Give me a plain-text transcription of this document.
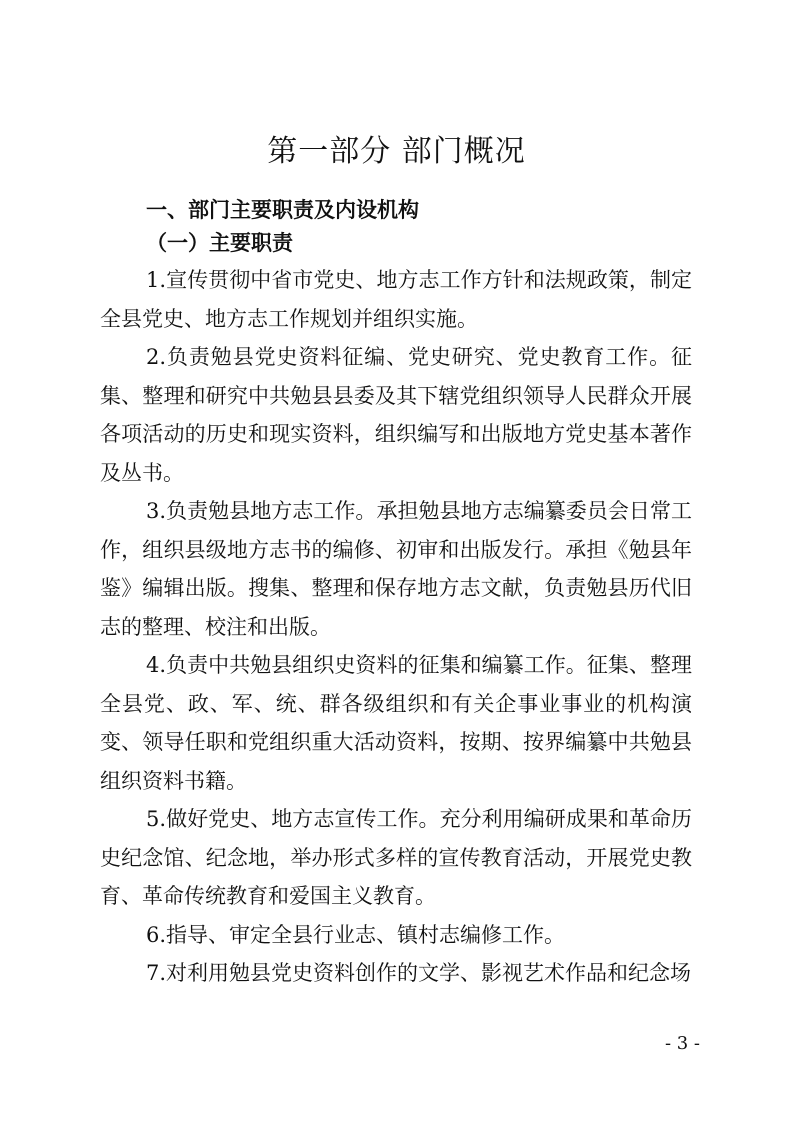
第一部分 部门概况
一、部门主要职责及内设机构
（一）主要职责

1.宣传贯彻中省市党史、地方志工作方针和法规政策，制定全县党史、地方志工作规划并组织实施。

2.负责勉县党史资料征编、党史研究、党史教育工作。征集、整理和研究中共勉县县委及其下辖党组织领导人民群众开展各项活动的历史和现实资料，组织编写和出版地方党史基本著作及丛书。

3.负责勉县地方志工作。承担勉县地方志编纂委员会日常工作，组织县级地方志书的编修、初审和出版发行。承担《勉县年鉴》编辑出版。搜集、整理和保存地方志文献，负责勉县历代旧志的整理、校注和出版。

4.负责中共勉县组织史资料的征集和编纂工作。征集、整理全县党、政、军、统、群各级组织和有关企事业事业的机构演变、领导任职和党组织重大活动资料，按期、按界编纂中共勉县组织资料书籍。

5.做好党史、地方志宣传工作。充分利用编研成果和革命历史纪念馆、纪念地，举办形式多样的宣传教育活动，开展党史教育、革命传统教育和爱国主义教育。

6.指导、审定全县行业志、镇村志编修工作。

7.对利用勉县党史资料创作的文学、影视艺术作品和纪念场

- 3 -
